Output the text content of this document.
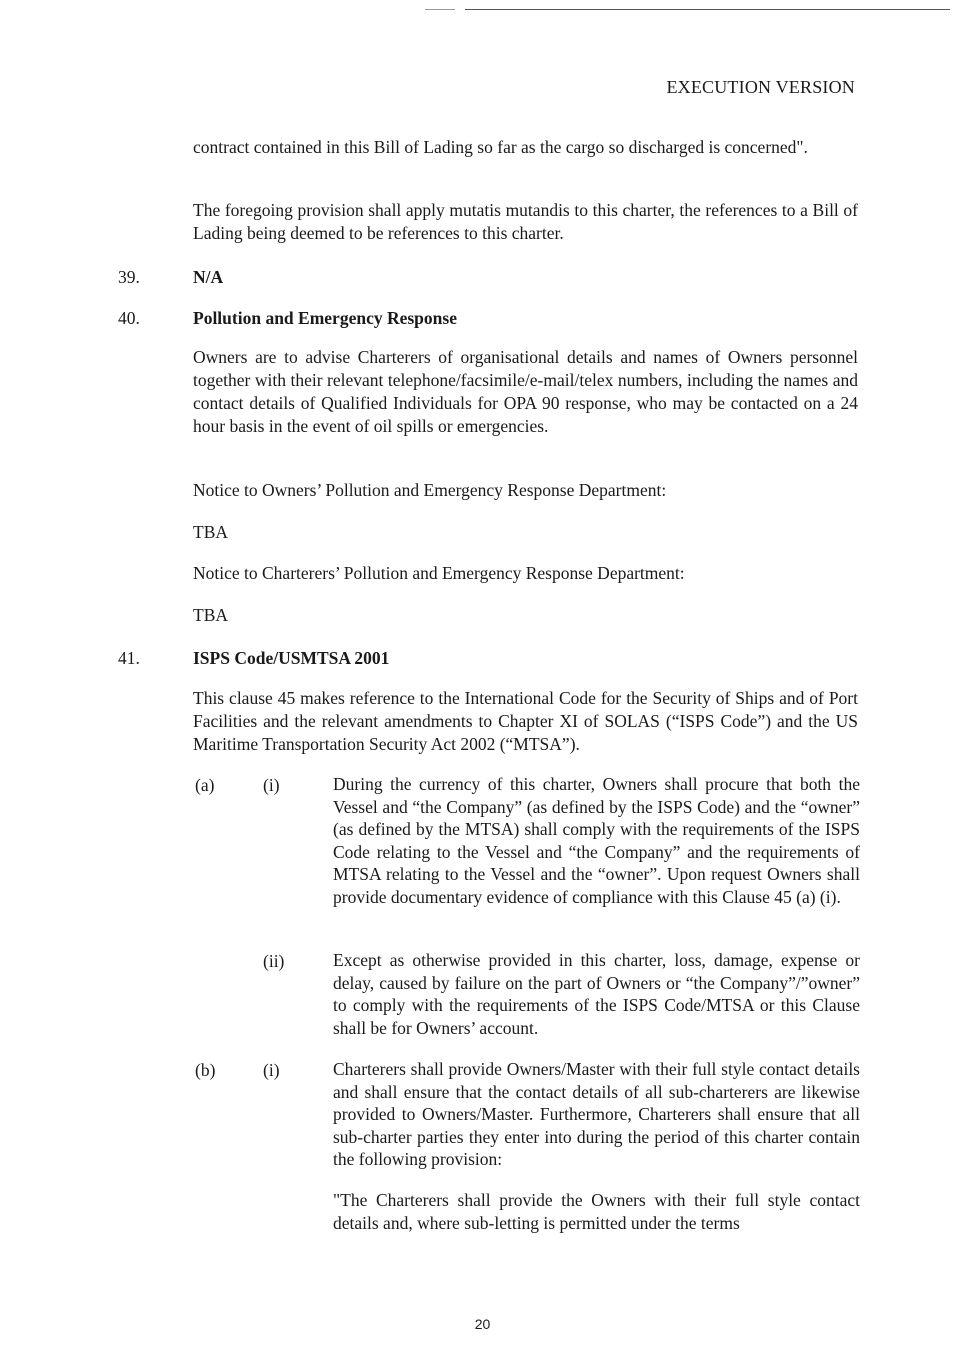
EXECUTION VERSION
contract contained in this Bill of Lading so far as the cargo so discharged is concerned".
The foregoing provision shall apply mutatis mutandis to this charter, the references to a Bill of Lading being deemed to be references to this charter.
39.	N/A
40.	Pollution and Emergency Response
Owners are to advise Charterers of organisational details and names of Owners personnel together with their relevant telephone/facsimile/e-mail/telex numbers, including the names and contact details of Qualified Individuals for OPA 90 response, who may be contacted on a 24 hour basis in the event of oil spills or emergencies.
Notice to Owners’ Pollution and Emergency Response Department:
TBA
Notice to Charterers’ Pollution and Emergency Response Department:
TBA
41.	ISPS Code/USMTSA 2001
This clause 45 makes reference to the International Code for the Security of Ships and of Port Facilities and the relevant amendments to Chapter XI of SOLAS (“ISPS Code”) and the US Maritime Transportation Security Act 2002 (“MTSA”).
(a)	(i)	During the currency of this charter, Owners shall procure that both the Vessel and “the Company” (as defined by the ISPS Code) and the “owner” (as defined by the MTSA) shall comply with the requirements of the ISPS Code relating to the Vessel and “the Company” and the requirements of MTSA relating to the Vessel and the “owner”. Upon request Owners shall provide documentary evidence of compliance with this Clause 45 (a) (i).
(ii)	Except as otherwise provided in this charter, loss, damage, expense or delay, caused by failure on the part of Owners or “the Company”/”owner” to comply with the requirements of the ISPS Code/MTSA or this Clause shall be for Owners’ account.
(b)	(i)	Charterers shall provide Owners/Master with their full style contact details and shall ensure that the contact details of all sub-charterers are likewise provided to Owners/Master. Furthermore, Charterers shall ensure that all sub-charter parties they enter into during the period of this charter contain the following provision:
"The Charterers shall provide the Owners with their full style contact details and, where sub-letting is permitted under the terms
20
